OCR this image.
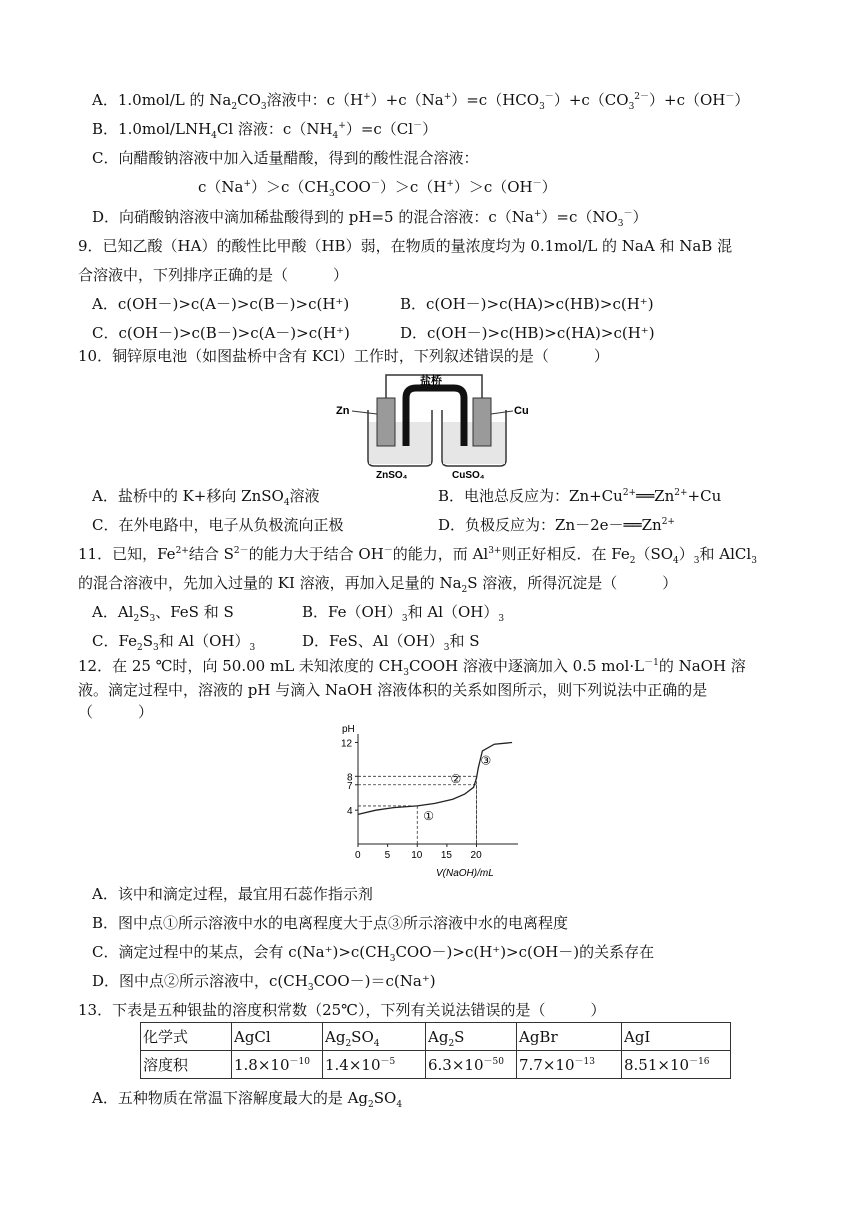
A．1.0mol/L 的 $Na_2CO_3$溶液中：$c(H^+)+c(Na^+)=c(HCO_3^-)+c(CO_3^{2-})+c(OH^-)$
B．$1.0mol/LNH_4Cl$ 溶液：$c(NH_4^+)=c(Cl^-)$
C．向醋酸钠溶液中加入适量醋酸，得到的酸性混合溶液：
$c(Na^+)>c(CH_3COO^-)>c(H^+)>c(OH^-)$
D．向硝酸钠溶液中滴加稀盐酸得到的 pH=5 的混合溶液：$c(Na^+)=c(NO_3^-)$
9．已知乙酸（HA）的酸性比甲酸（HB）弱，在物质的量浓度均为 0.1mol/L 的 NaA 和 NaB 混
合溶液中，下列排序正确的是（　　　）
A．c(OH－)>c(A－)>c(B－)>c(H⁺)	B．c(OH－)>c(HA)>c(HB)>c(H⁺)
C．c(OH－)>c(B－)>c(A－)>c(H⁺)	D．c(OH－)>c(HB)>c(HA)>c(H⁺)
10．铜锌原电池（如图盐桥中含有 KCl）工作时，下列叙述错误的是（　　　）
Zn	Cu
盐桥
ZnSO₄	CuSO₄
A．盐桥中的 K+移向 ZnSO$_4$溶液	B．电池总反应为：$Zn+Cu^{2+}══Zn^{2+}+Cu$
C．在外电路中，电子从负极流向正极	D．负极反应为：$Zn-2e-══Zn^{2+}$
11．已知，$Fe^{2+}$结合 $S^{2-}$的能力大于结合 OH－的能力，而 $Al^{3+}$则正好相反．在 $Fe_2(SO_4)_3$和 AlCl$_3$
的混合溶液中，先加入过量的 KI 溶液，再加入足量的 $Na_2S$ 溶液，所得沉淀是（　　　）
A．$Al_2S_3$、FeS 和 S	B．$Fe(OH)_3$和 $Al(OH)_3$
C．$Fe_2S_3$和 $Al(OH)_3$	D．FeS、$Al(OH)_3$和 S
12．在 25 ℃时，向 50.00 mL 未知浓度的 $CH_3COOH$ 溶液中逐滴加入 0.5 $mol\cdot L^{-1}$的 NaOH 溶
液。滴定过程中，溶液的 pH 与滴入 NaOH 溶液体积的关系如图所示，则下列说法中正确的是
（　　　）
pH
V(NaOH)/mL
0 5 10 15 20
4
7
8
12
①
②
③
A．该中和滴定过程，最宜用石蕊作指示剂
B．图中点①所示溶液中水的电离程度大于点③所示溶液中水的电离程度
C．滴定过程中的某点，会有 $c(Na^+)>c(CH_3COO-)>c(H^+)>c(OH-)$的关系存在
D．图中点②所示溶液中，$c(CH_3COO-)=c(Na^+)$
13．下表是五种银盐的溶度积常数（25℃），下列有关说法错误的是（　　　）
化学式	AgCl	$Ag_2SO_4$	$Ag_2S$	AgBr	AgI
溶度积	$1.8\times 10^{-10}$	$1.4\times 10^{-5}$	$6.3\times 10^{-50}$	$7.7\times 10^{-13}$	$8.51\times 10^{-16}$
A．五种物质在常温下溶解度最大的是 $Ag_2SO_4$
